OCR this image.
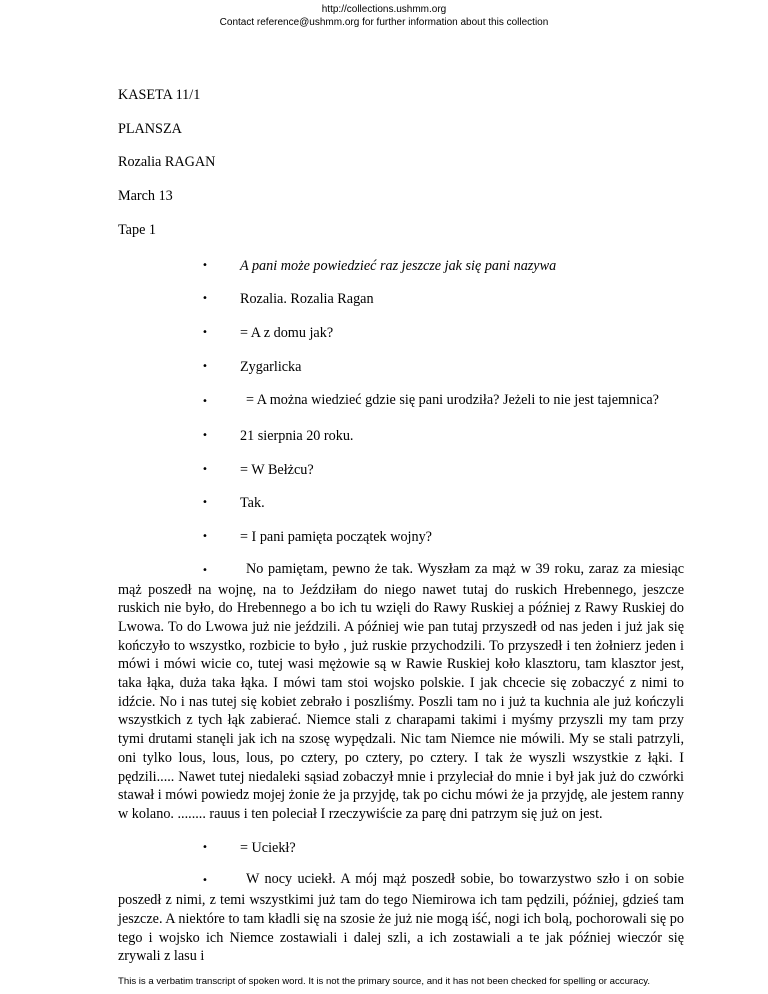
http://collections.ushmm.org
Contact reference@ushmm.org for further information about this collection
KASETA 11/1
PLANSZA
Rozalia RAGAN
March 13
Tape 1
• A pani może powiedzieć raz jeszcze jak się pani nazywa
• Rozalia. Rozalia Ragan
• = A z domu jak?
• Zygarlicka
•	= A można wiedzieć gdzie się pani urodziła? Jeżeli to nie jest tajemnica?
• 21 sierpnia 20 roku.
• = W Bełżcu?
• Tak.
• = I pani pamięta początek wojny?
•	No pamiętam, pewno że tak. Wyszłam za mąż w 39 roku, zaraz za miesiąc mąż poszedł na wojnę, na to Jeździłam do niego nawet tutaj do ruskich Hrebennego, jeszcze ruskich nie było, do Hrebennego a bo ich tu wzięli do Rawy Ruskiej a później z Rawy Ruskiej do Lwowa. To do Lwowa już nie jeździli. A później wie pan tutaj przyszedł od nas jeden i już jak się kończyło to wszystko, rozbicie to było , już ruskie przychodzili. To przyszedł i ten żołnierz jeden i mówi i mówi wicie co, tutej wasi mężowie są w Rawie Ruskiej koło klasztoru, tam klasztor jest, taka łąka, duża taka łąka. I mówi tam stoi wojsko polskie. I jak chcecie się zobaczyć z nimi to idźcie. No i nas tutej się kobiet zebrało i poszliśmy. Poszli tam no i już ta kuchnia ale już kończyli wszystkich z tych łąk zabierać. Niemce stali z charapami takimi i myśmy przyszli my tam przy tymi drutami stanęli jak ich na szosę wypędzali. Nic tam Niemce nie mówili. My se stali patrzyli, oni tylko lous, lous, lous, po cztery, po cztery, po cztery. I tak że wyszli wszystkie z łąki. I pędzili..... Nawet tutej niedaleki sąsiad zobaczył mnie i przyleciał do mnie i był jak już do czwórki stawał i mówi powiedz mojej żonie że ja przyjdę, tak po cichu mówi że ja przyjdę, ale jestem ranny w kolano. ........ rauus i ten poleciał I rzeczywiście za parę dni patrzym się już on jest.
• = Uciekł?
•	W nocy uciekł. A mój mąż poszedł sobie, bo towarzystwo szło i on sobie poszedł z nimi, z temi wszystkimi już tam do tego Niemirowa ich tam pędzili, później, gdzieś tam jeszcze. A niektóre to tam kładli się na szosie że już nie mogą iść, nogi ich bolą, pochorowali się po tego i wojsko ich Niemce zostawiali i dalej szli, a ich zostawiali a te jak później wieczór się zrywali z lasu i
This is a verbatim transcript of spoken word. It is not the primary source, and it has not been checked for spelling or accuracy.
